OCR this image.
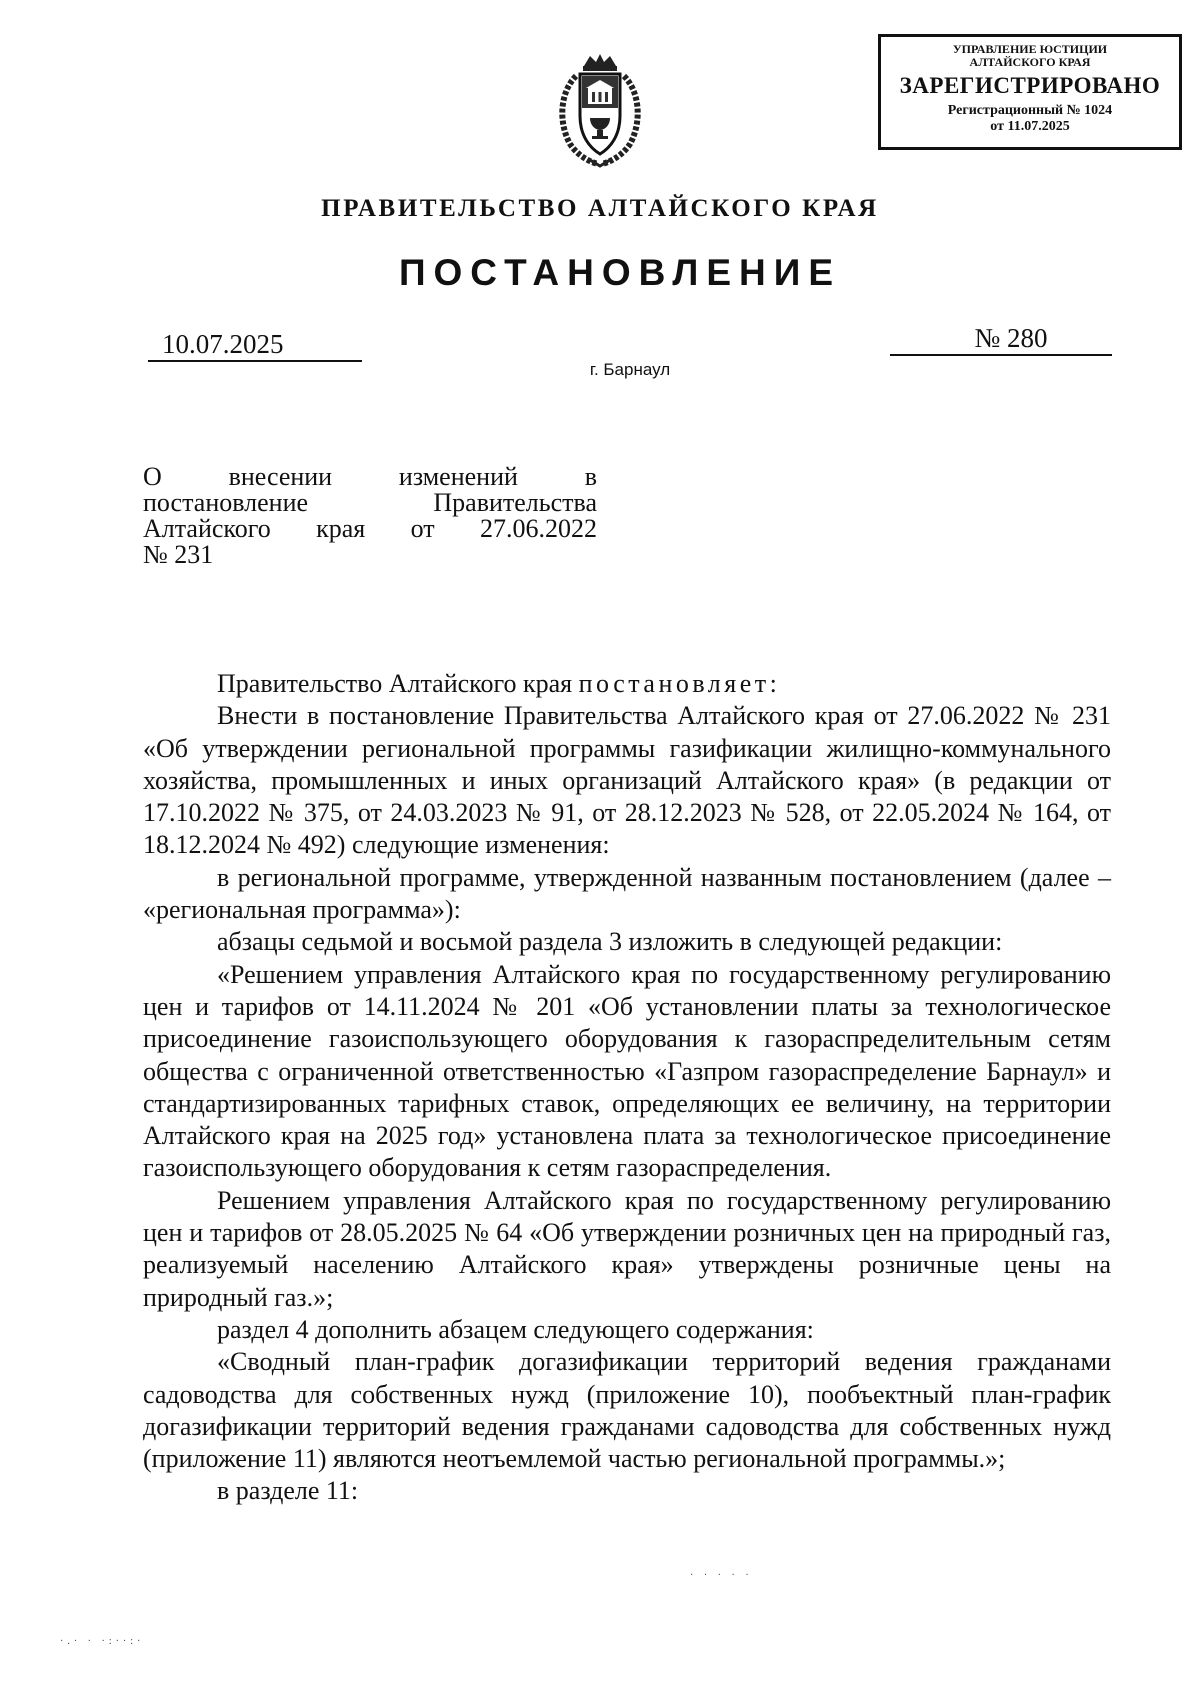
УПРАВЛЕНИЕ ЮСТИЦИИ
АЛТАЙСКОГО КРАЯ
ЗАРЕГИСТРИРОВАНО
Регистрационный № 1024
от 11.07.2025
ПРАВИТЕЛЬСТВО АЛТАЙСКОГО КРАЯ
ПОСТАНОВЛЕНИЕ
10.07.2025	№ 280
г. Барнаул
О	внесении	изменений	в
постановление	Правительства
Алтайского края от 27.06.2022
№ 231

Правительство Алтайского края постановляет:

Внести в постановление Правительства Алтайского края от 27.06.2022 № 231 «Об утверждении региональной программы газификации жилищно-коммунального хозяйства, промышленных и иных организаций Алтайского края» (в редакции от 17.10.2022 № 375, от 24.03.2023 № 91, от 28.12.2023 № 528, от 22.05.2024 № 164, от 18.12.2024 № 492) следующие изменения:

в региональной программе, утвержденной названным постановлением (далее – «региональная программа»):

абзацы седьмой и восьмой раздела 3 изложить в следующей редакции:

«Решением управления Алтайского края по государственному регулированию цен и тарифов от 14.11.2024 № 201 «Об установлении платы за технологическое присоединение газоиспользующего оборудования к газораспределительным сетям общества с ограниченной ответственностью «Газпром газораспределение Барнаул» и стандартизированных тарифных ставок, определяющих ее величину, на территории Алтайского края на 2025 год» установлена плата за технологическое присоединение газоиспользующего оборудования к сетям газораспределения.

Решением управления Алтайского края по государственному регулированию цен и тарифов от 28.05.2025 № 64 «Об утверждении розничных цен на природный газ, реализуемый населению Алтайского края» утверждены розничные цены на природный газ.»;

раздел 4 дополнить абзацем следующего содержания:

«Сводный план-график догазификации территорий ведения гражданами садоводства для собственных нужд (приложение 10), пообъектный план-график догазификации территорий ведения гражданами садоводства для собственных нужд (приложение 11) являются неотъемлемой частью региональной программы.»;

в разделе 11:

· · · · ·
·.· · ·:··:·
